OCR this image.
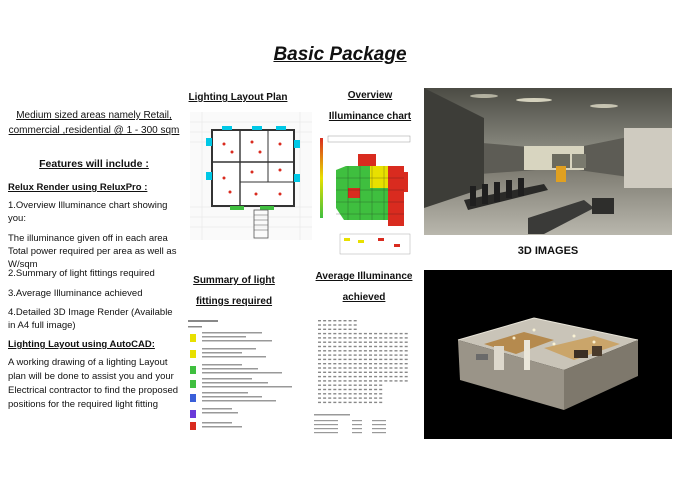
Basic Package
Medium sized areas namely Retail, commercial ,residential @ 1 - 300 sqm
Features will include :
Relux Render using ReluxPro :
1.Overview Illuminance chart showing you:
The illuminance given off in each area Total power required per area as well as W/sqm
2.Summary of light fittings required
3.Average Illuminance achieved
4.Detailed 3D Image Render (Available in A4 full image)
Lighting Layout using AutoCAD:
A working drawing of a lighting Layout plan will be done to assist you and your Electrical contractor to find the proposed positions for the required light fitting
Lighting Layout Plan	Overview
Illuminance chart
3D IMAGES
Summary of light
fittings required
Average Illuminance
achieved
